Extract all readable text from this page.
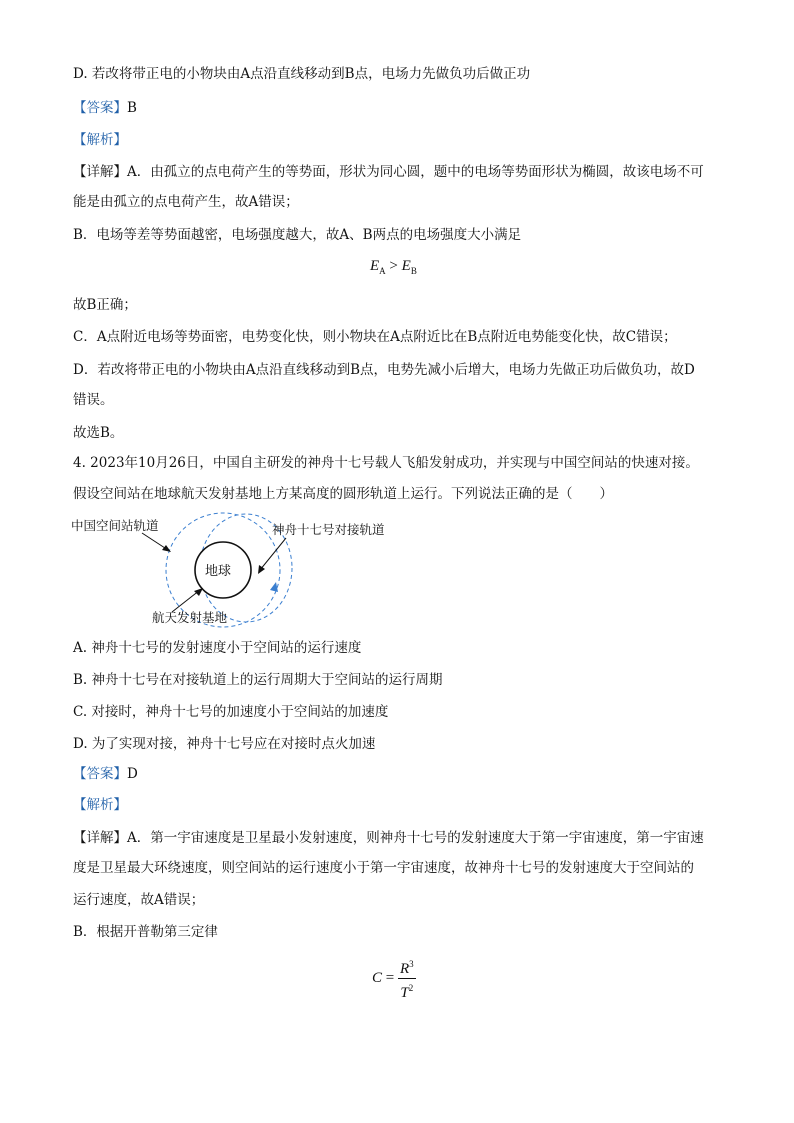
D. 若改将带正电的小物块由A点沿直线移动到B点，电场力先做负功后做正功
【答案】B
【解析】
【详解】A．由孤立的点电荷产生的等势面，形状为同心圆，题中的电场等势面形状为椭圆，故该电场不可
能是由孤立的点电荷产生，故A错误；
B．电场等差等势面越密，电场强度越大，故A、B两点的电场强度大小满足
$E_A > E_B$
故B正确；
C．A点附近电场等势面密，电势变化快，则小物块在A点附近比在B点附近电势能变化快，故C错误；
D．若改将带正电的小物块由A点沿直线移动到B点，电势先减小后增大，电场力先做正功后做负功，故D
错误。
故选B。
4. 2023年10月26日，中国自主研发的神舟十七号载人飞船发射成功，并实现与中国空间站的快速对接。
假设空间站在地球航天发射基地上方某高度的圆形轨道上运行。下列说法正确的是（　　）
地球
中国空间站轨道	神舟十七号对接轨道
航天发射基地
A. 神舟十七号的发射速度小于空间站的运行速度
B. 神舟十七号在对接轨道上的运行周期大于空间站的运行周期
C. 对接时，神舟十七号的加速度小于空间站的加速度
D. 为了实现对接，神舟十七号应在对接时点火加速
【答案】D
【解析】
【详解】A．第一宇宙速度是卫星最小发射速度，则神舟十七号的发射速度大于第一宇宙速度，第一宇宙速
度是卫星最大环绕速度，则空间站的运行速度小于第一宇宙速度，故神舟十七号的发射速度大于空间站的
运行速度，故A错误；
B．根据开普勒第三定律
$C = \frac{R^3}{T^2}$
